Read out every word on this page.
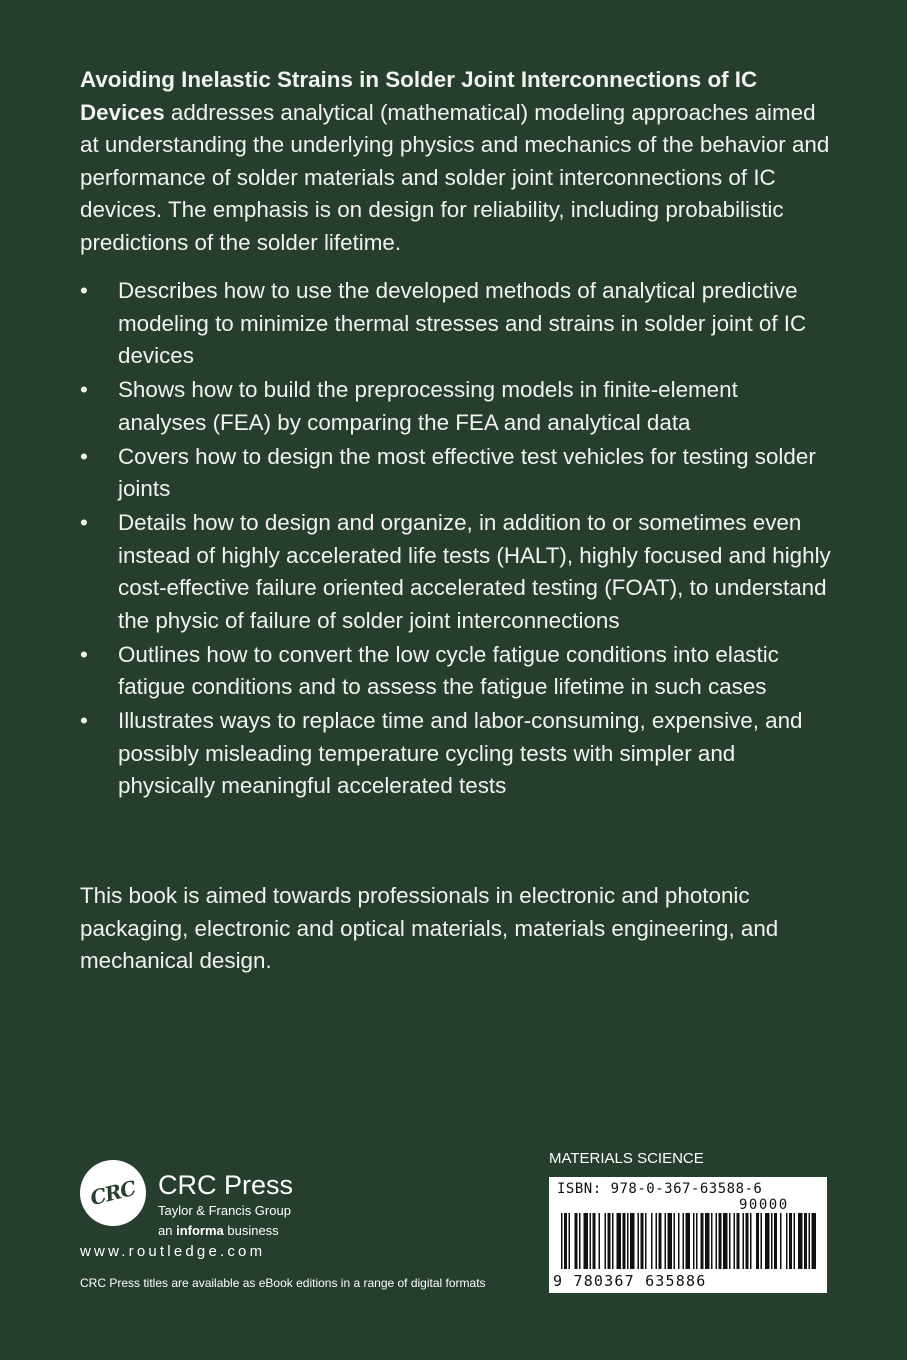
Avoiding Inelastic Strains in Solder Joint Interconnections of IC Devices addresses analytical (mathematical) modeling approaches aimed at understanding the underlying physics and mechanics of the behavior and performance of solder materials and solder joint interconnections of IC devices. The emphasis is on design for reliability, including probabilistic predictions of the solder lifetime.

• Describes how to use the developed methods of analytical predictive modeling to minimize thermal stresses and strains in solder joint of IC devices
• Shows how to build the preprocessing models in finite-element analyses (FEA) by comparing the FEA and analytical data
• Covers how to design the most effective test vehicles for testing solder joints
• Details how to design and organize, in addition to or sometimes even instead of highly accelerated life tests (HALT), highly focused and highly cost-effective failure oriented accelerated testing (FOAT), to understand the physic of failure of solder joint interconnections
• Outlines how to convert the low cycle fatigue conditions into elastic fatigue conditions and to assess the fatigue lifetime in such cases
• Illustrates ways to replace time and labor-consuming, expensive, and possibly misleading temperature cycling tests with simpler and physically meaningful accelerated tests

This book is aimed towards professionals in electronic and photonic packaging, electronic and optical materials, materials engineering, and mechanical design.

CRC CRC Press
Taylor & Francis Group
an informa business
www.routledge.com
CRC Press titles are available as eBook editions in a range of digital formats
MATERIALS SCIENCE
ISBN: 978-0-367-63588-6
90000
9 780367 635886
